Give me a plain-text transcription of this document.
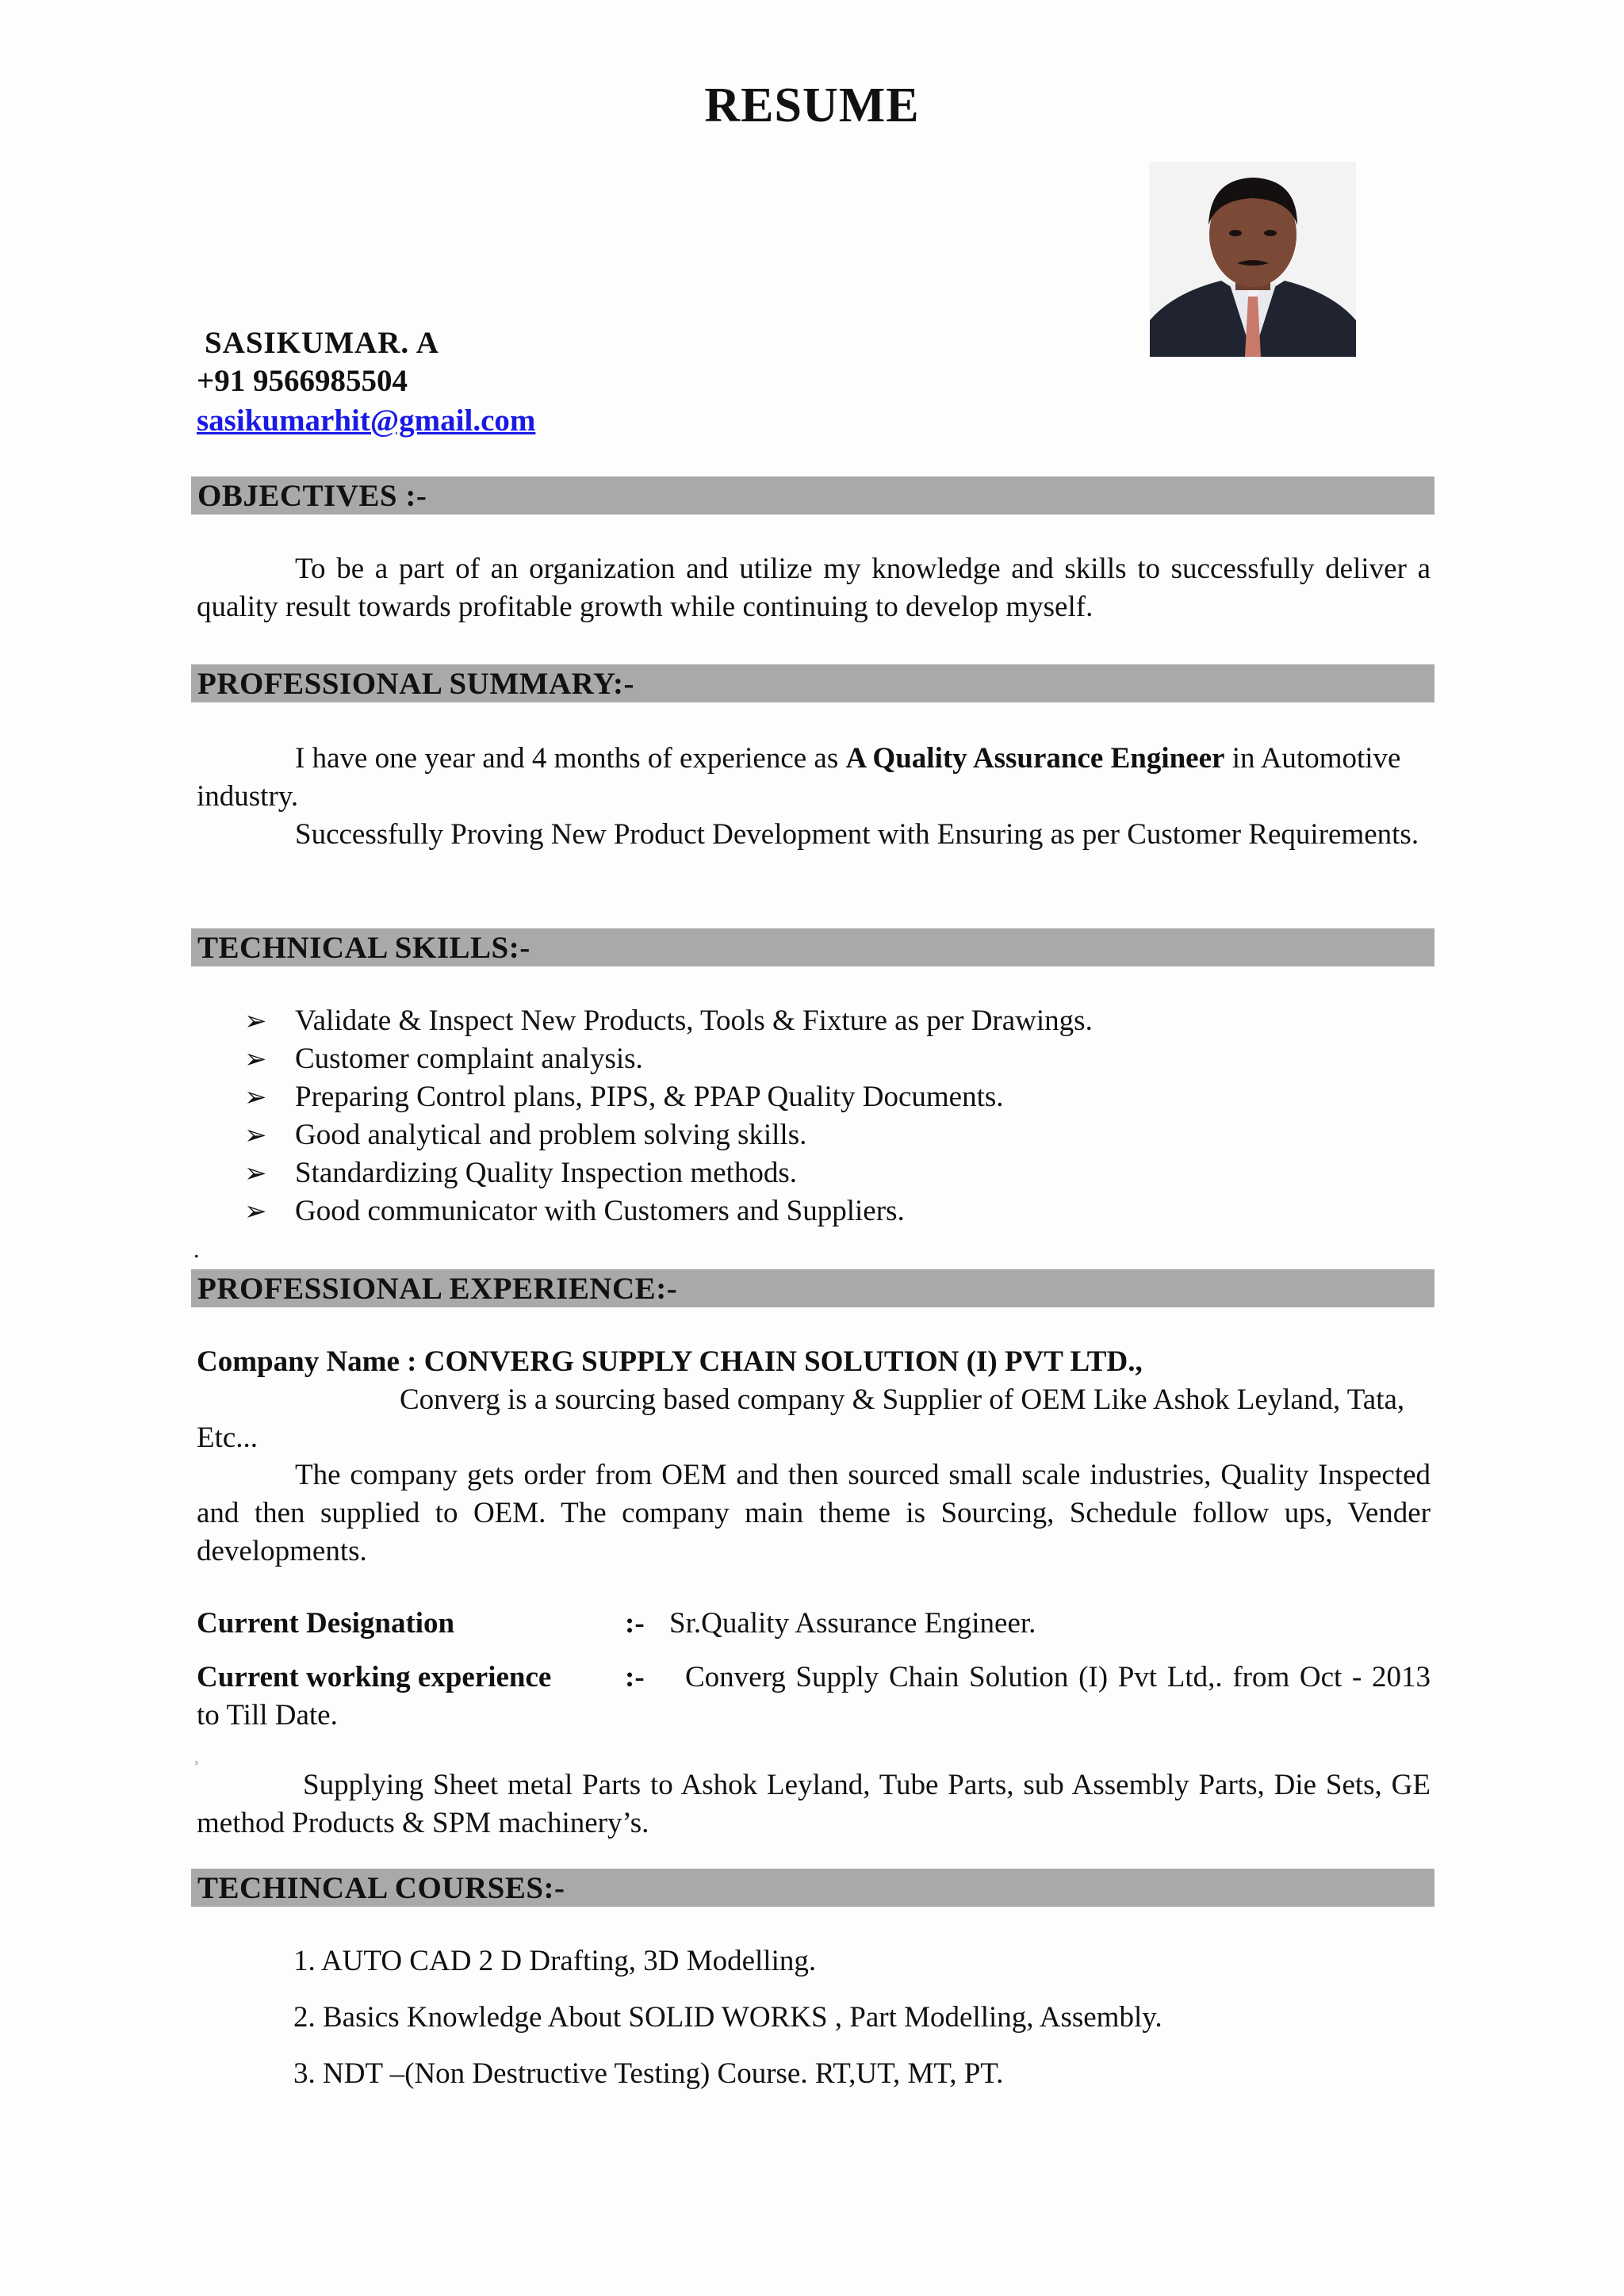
RESUME
SASIKUMAR. A
+91 9566985504
sasikumarhit@gmail.com
OBJECTIVES :-
To be a part of an organization and utilize my knowledge and skills to successfully deliver a quality result towards profitable growth while continuing to develop myself.
PROFESSIONAL SUMMARY:-
I have one year and 4 months of experience as A Quality Assurance Engineer in Automotive industry.
Successfully Proving New Product Development with Ensuring as per Customer Requirements.
TECHNICAL SKILLS:-
➢ Validate & Inspect New Products, Tools & Fixture as per Drawings.
➢ Customer complaint analysis.
➢ Preparing Control plans, PIPS, & PPAP Quality Documents.
➢ Good analytical and problem solving skills.
➢ Standardizing Quality Inspection methods.
➢ Good communicator with Customers and Suppliers.
.
PROFESSIONAL EXPERIENCE:-
Company Name : CONVERG SUPPLY CHAIN SOLUTION (I) PVT LTD.,
Converg is a sourcing based company & Supplier of OEM Like Ashok Leyland, Tata, Etc...
The company gets order from OEM and then sourced small scale industries, Quality Inspected and then supplied to OEM. The company main theme is Sourcing, Schedule follow ups, Vender developments.
Current Designation	:- Sr.Quality Assurance Engineer.
Current working experience	:- Converg Supply Chain Solution (I) Pvt Ltd,. from Oct - 2013 to Till Date.
s
Supplying Sheet metal Parts to Ashok Leyland, Tube Parts, sub Assembly Parts, Die Sets, GE method Products & SPM machinery’s.
TECHINCAL COURSES:-
1. AUTO CAD 2 D Drafting, 3D Modelling.
2. Basics Knowledge About SOLID WORKS , Part Modelling, Assembly.
3. NDT –(Non Destructive Testing) Course. RT,UT, MT, PT.
